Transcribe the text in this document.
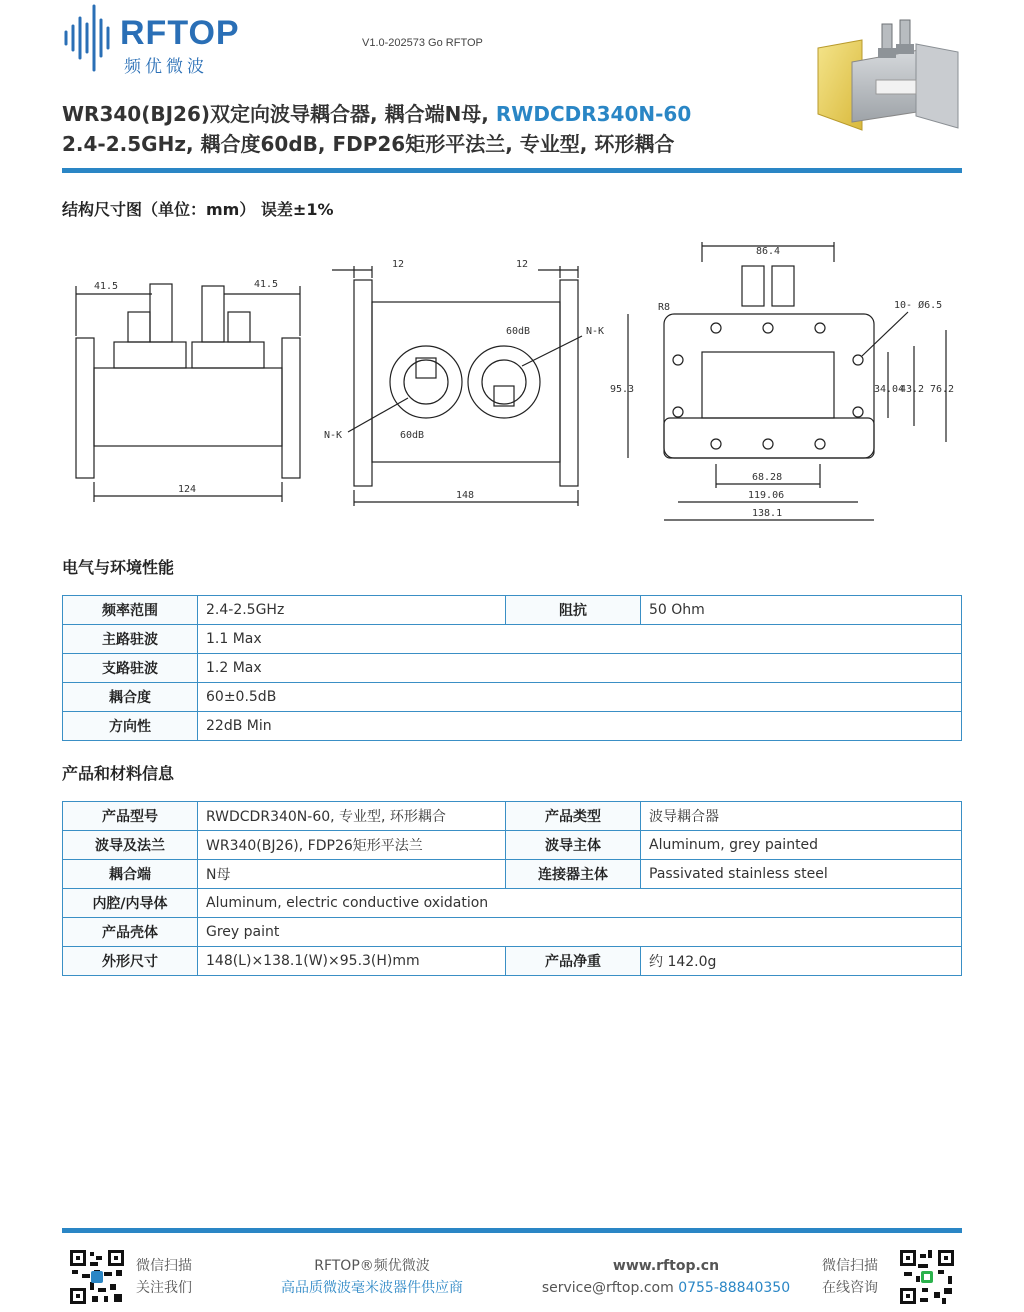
RFTOP
频优微波
V1.0-202573 Go RFTOP
WR340(BJ26)双定向波导耦合器, 耦合端N母, RWDCDR340N-60
2.4-2.5GHz, 耦合度60dB, FDP26矩形平法兰, 专业型, 环形耦合
结构尺寸图（单位：mm） 误差±1%
41.5	41.5
124
12	12
148
N-K
N-K
60dB
60dB
86.4
10- Ø6.5
R8
95.3	34.04
43.2 76.2
68.28
119.06
138.1
电气与环境性能
频率范围	2.4-2.5GHz	阻抗	50 Ohm
主路驻波	1.1 Max		
支路驻波	1.2 Max		
耦合度	60±0.5dB		
方向性	22dB Min		
产品和材料信息
产品型号	RWDCDR340N-60, 专业型, 环形耦合	产品类型	波导耦合器
波导及法兰	WR340(BJ26), FDP26矩形平法兰	波导主体	Aluminum, grey painted
耦合端	N母	连接器主体	Passivated stainless steel
内腔/内导体	Aluminum, electric conductive oxidation		
产品壳体	Grey paint		
外形尺寸	148(L)×138.1(W)×95.3(H)mm	产品净重	约 142.0g
微信扫描
关注我们
RFTOP®频优微波
高品质微波毫米波器件供应商
www.rftop.cn
service@rftop.com 0755-88840350
微信扫描
在线咨询
